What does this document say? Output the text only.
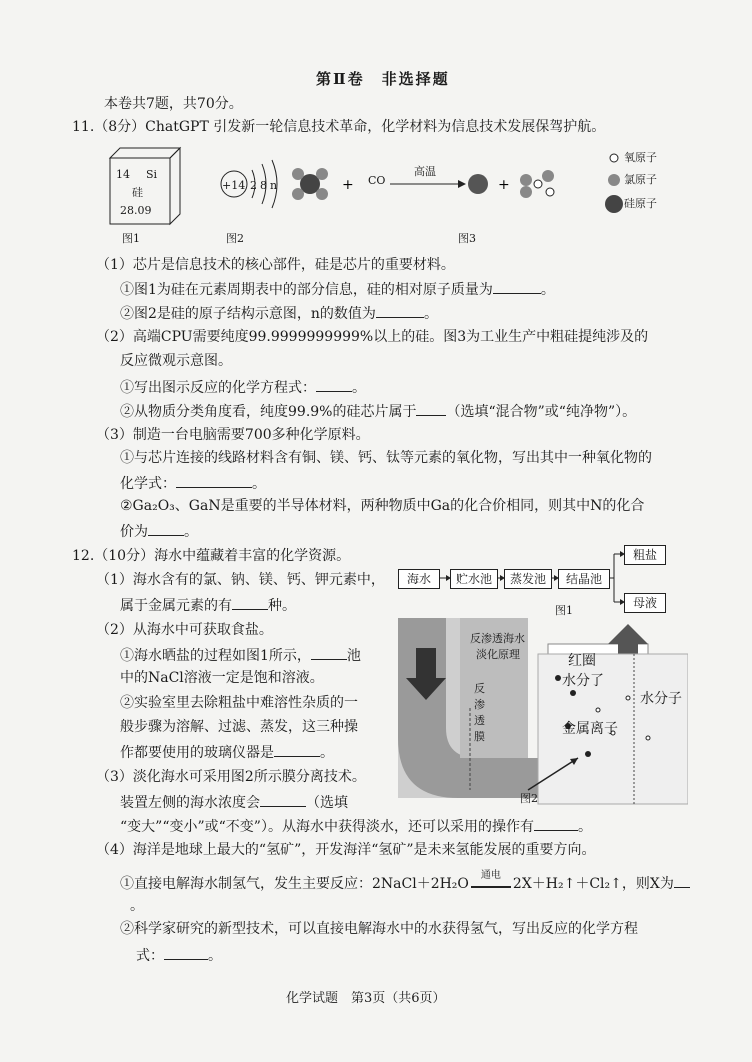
第Ⅱ卷　非选择题
本卷共7题，共70分。
11.（8分）ChatGPT 引发新一轮信息技术革命，化学材料为信息技术发展保驾护航。
+	+
14 Si
硅
28.09
图1
+14 2 8 n
图2
CO
高温
图3
氧原子
氯原子
硅原子
（1）芯片是信息技术的核心部件，硅是芯片的重要材料。
①图1为硅在元素周期表中的部分信息，硅的相对原子质量为	。
②图2是硅的原子结构示意图，n的数值为	。
（2）高端CPU需要纯度99.9999999999%以上的硅。图3为工业生产中粗硅提纯涉及的
反应微观示意图。
①写出图示反应的化学方程式：	。
②从物质分类角度看，纯度99.9%的硅芯片属于 （选填“混合物”或“纯净物”）。
（3）制造一台电脑需要700多种化学原料。
①与芯片连接的线路材料含有铜、镁、钙、钛等元素的氧化物，写出其中一种氧化物的
化学式：	。
②Ga₂O₃、GaN是重要的半导体材料，两种物质中Ga的化合价相同，则其中N的化合
价为	。
12.（10分）海水中蕴藏着丰富的化学资源。
（1）海水含有的氯、钠、镁、钙、钾元素中，
属于金属元素的有	种。
（2）从海水中可获取食盐。
①海水晒盐的过程如图1所示，	池
中的NaCl溶液一定是饱和溶液。
②实验室里去除粗盐中难溶性杂质的一
般步骤为溶解、过滤、蒸发，这三种操
作都要使用的玻璃仪器是	。
（3）淡化海水可采用图2所示膜分离技术。
装置左侧的海水浓度会	（选填
“变大”“变小”或“不变”）。从海水中获得淡水，还可以采用的操作有	。
（4）海洋是地球上最大的“氢矿”，开发海洋“氢矿”是未来氢能发展的重要方向。
①直接电解海水制氢气，发生主要反应：2NaCl＋2H₂O
通电
2X＋H₂↑＋Cl₂↑，则X为
。
②科学家研究的新型技术，可以直接电解海水中的水获得氢气，写出反应的化学方程
式：	。
海水	贮水池	蒸发池	结晶池
粗盐
母液
图1
反渗透海水
淡化原理
反
渗
透
膜
红圈
水分了
水分子
金属离子
图2
化学试题　第3页（共6页）
